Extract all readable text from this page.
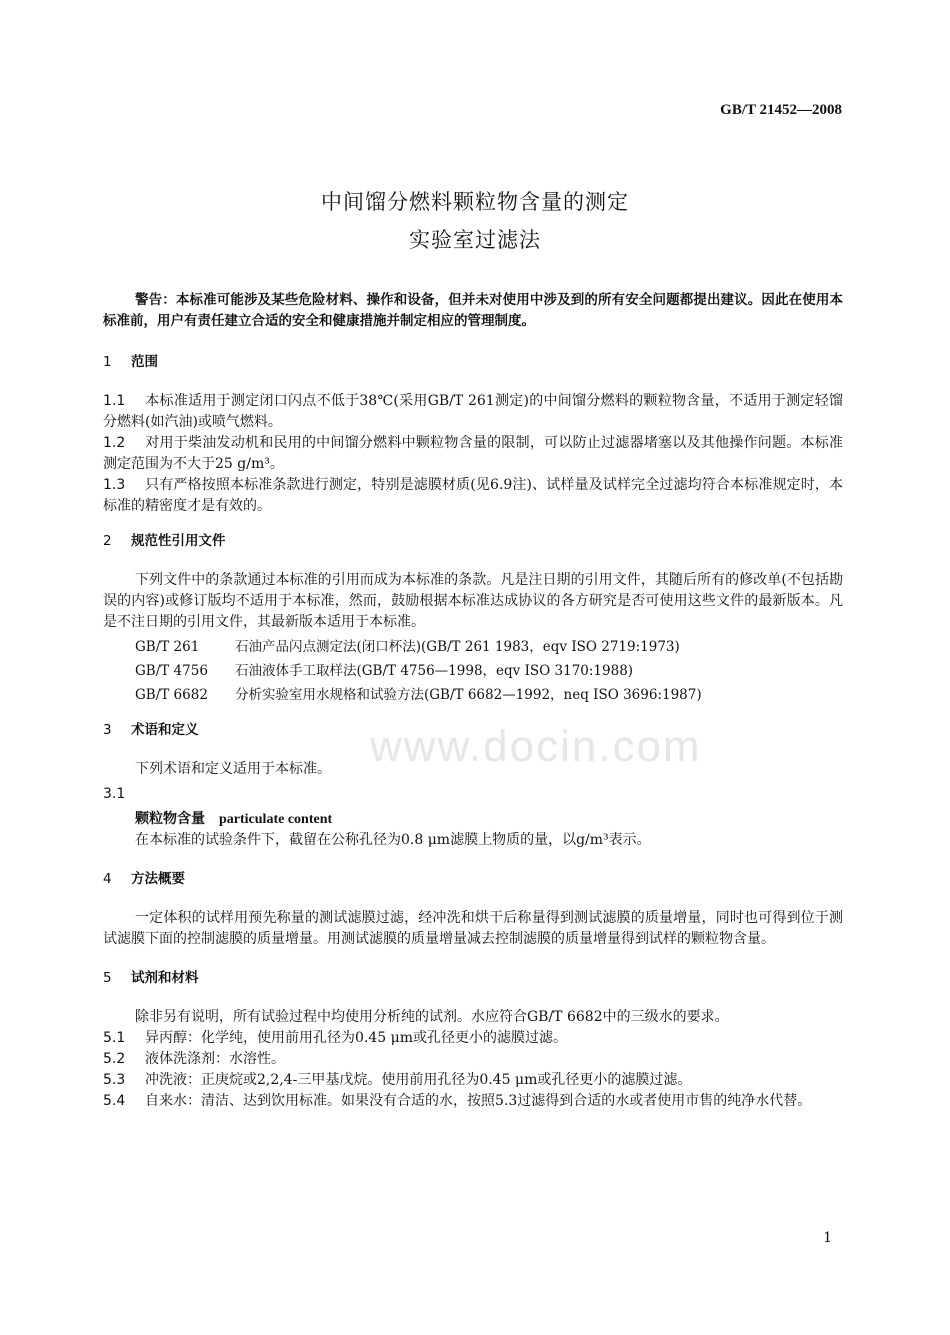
GB/T 21452—2008
中间馏分燃料颗粒物含量的测定
实验室过滤法
www.docin.com

警告：本标准可能涉及某些危险材料、操作和设备，但并未对使用中涉及到的所有安全问题都提出建议。因此在使用本标准前，用户有责任建立合适的安全和健康措施并制定相应的管理制度。

1 范围

1.1 本标准适用于测定闭口闪点不低于38℃(采用GB/T 261测定)的中间馏分燃料的颗粒物含量，不适用于测定轻馏分燃料(如汽油)或喷气燃料。

1.2 对用于柴油发动机和民用的中间馏分燃料中颗粒物含量的限制，可以防止过滤器堵塞以及其他操作问题。本标准测定范围为不大于25 g/m³。

1.3 只有严格按照本标准条款进行测定，特别是滤膜材质(见6.9注)、试样量及试样完全过滤均符合本标准规定时，本标准的精密度才是有效的。

2 规范性引用文件

下列文件中的条款通过本标准的引用而成为本标准的条款。凡是注日期的引用文件，其随后所有的修改单(不包括勘误的内容)或修订版均不适用于本标准，然而，鼓励根据本标准达成协议的各方研究是否可使用这些文件的最新版本。凡是不注日期的引用文件，其最新版本适用于本标准。

GB/T 261	石油产品闪点测定法(闭口杯法)(GB/T 261 1983，eqv ISO 2719:1973)

GB/T 4756 石油液体手工取样法(GB/T 4756—1998，eqv ISO 3170:1988)

GB/T 6682 分析实验室用水规格和试验方法(GB/T 6682—1992，neq ISO 3696:1987)

3 术语和定义

下列术语和定义适用于本标准。

3.1

颗粒物含量 particulate content

在本标准的试验条件下，截留在公称孔径为0.8 μm滤膜上物质的量，以g/m³表示。

4 方法概要

一定体积的试样用预先称量的测试滤膜过滤，经冲洗和烘干后称量得到测试滤膜的质量增量，同时也可得到位于测试滤膜下面的控制滤膜的质量增量。用测试滤膜的质量增量减去控制滤膜的质量增量得到试样的颗粒物含量。

5 试剂和材料

除非另有说明，所有试验过程中均使用分析纯的试剂。水应符合GB/T 6682中的三级水的要求。

5.1 异丙醇：化学纯，使用前用孔径为0.45 μm或孔径更小的滤膜过滤。

5.2 液体洗涤剂：水溶性。

5.3 冲洗液：正庚烷或2,2,4-三甲基戊烷。使用前用孔径为0.45 μm或孔径更小的滤膜过滤。

5.4 自来水：清洁、达到饮用标准。如果没有合适的水，按照5.3过滤得到合适的水或者使用市售的纯净水代替。

1
